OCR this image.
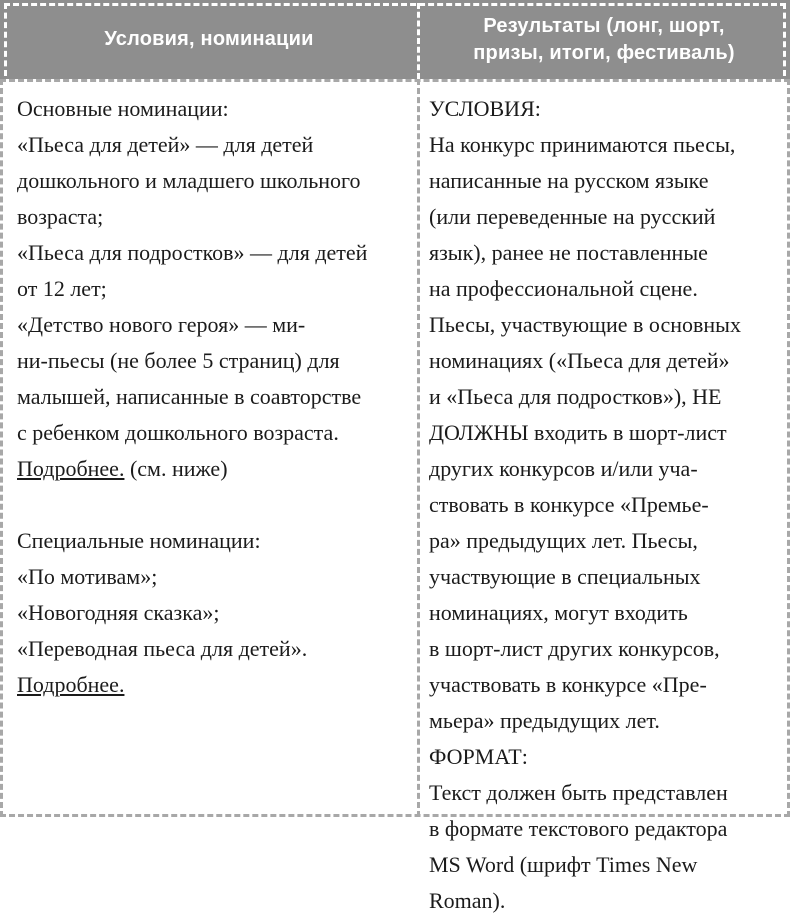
Условия, номинации
Результаты (лонг, шорт,
призы, итоги, фестиваль)

Основные номинации:
«Пьеса для детей» — для детей
дошкольного и младшего школьного
возраста;
«Пьеса для подростков» — для детей
от 12 лет;
«Детство нового героя» — ми-
ни-пьесы (не более 5 страниц) для
малышей, написанные в соавторстве
с ребенком дошкольного возраста.
Подробнее. (см. ниже)

Специальные номинации:
«По мотивам»;
«Новогодняя сказка»;
«Переводная пьеса для детей».
Подробнее.

УСЛОВИЯ:
На конкурс принимаются пьесы,
написанные на русском языке
(или переведенные на русский
язык), ранее не поставленные
на профессиональной сцене.
Пьесы, участвующие в основных
номинациях («Пьеса для детей»
и «Пьеса для подростков»), НЕ
ДОЛЖНЫ входить в шорт-лист
других конкурсов и/или уча-
ствовать в конкурсе «Премье-
ра» предыдущих лет. Пьесы,
участвующие в специальных
номинациях, могут входить
в шорт-лист других конкурсов,
участвовать в конкурсе «Пре-
мьера» предыдущих лет.
ФОРМАТ:
Текст должен быть представлен
в формате текстового редактора
MS Word (шрифт Times New
Roman).
